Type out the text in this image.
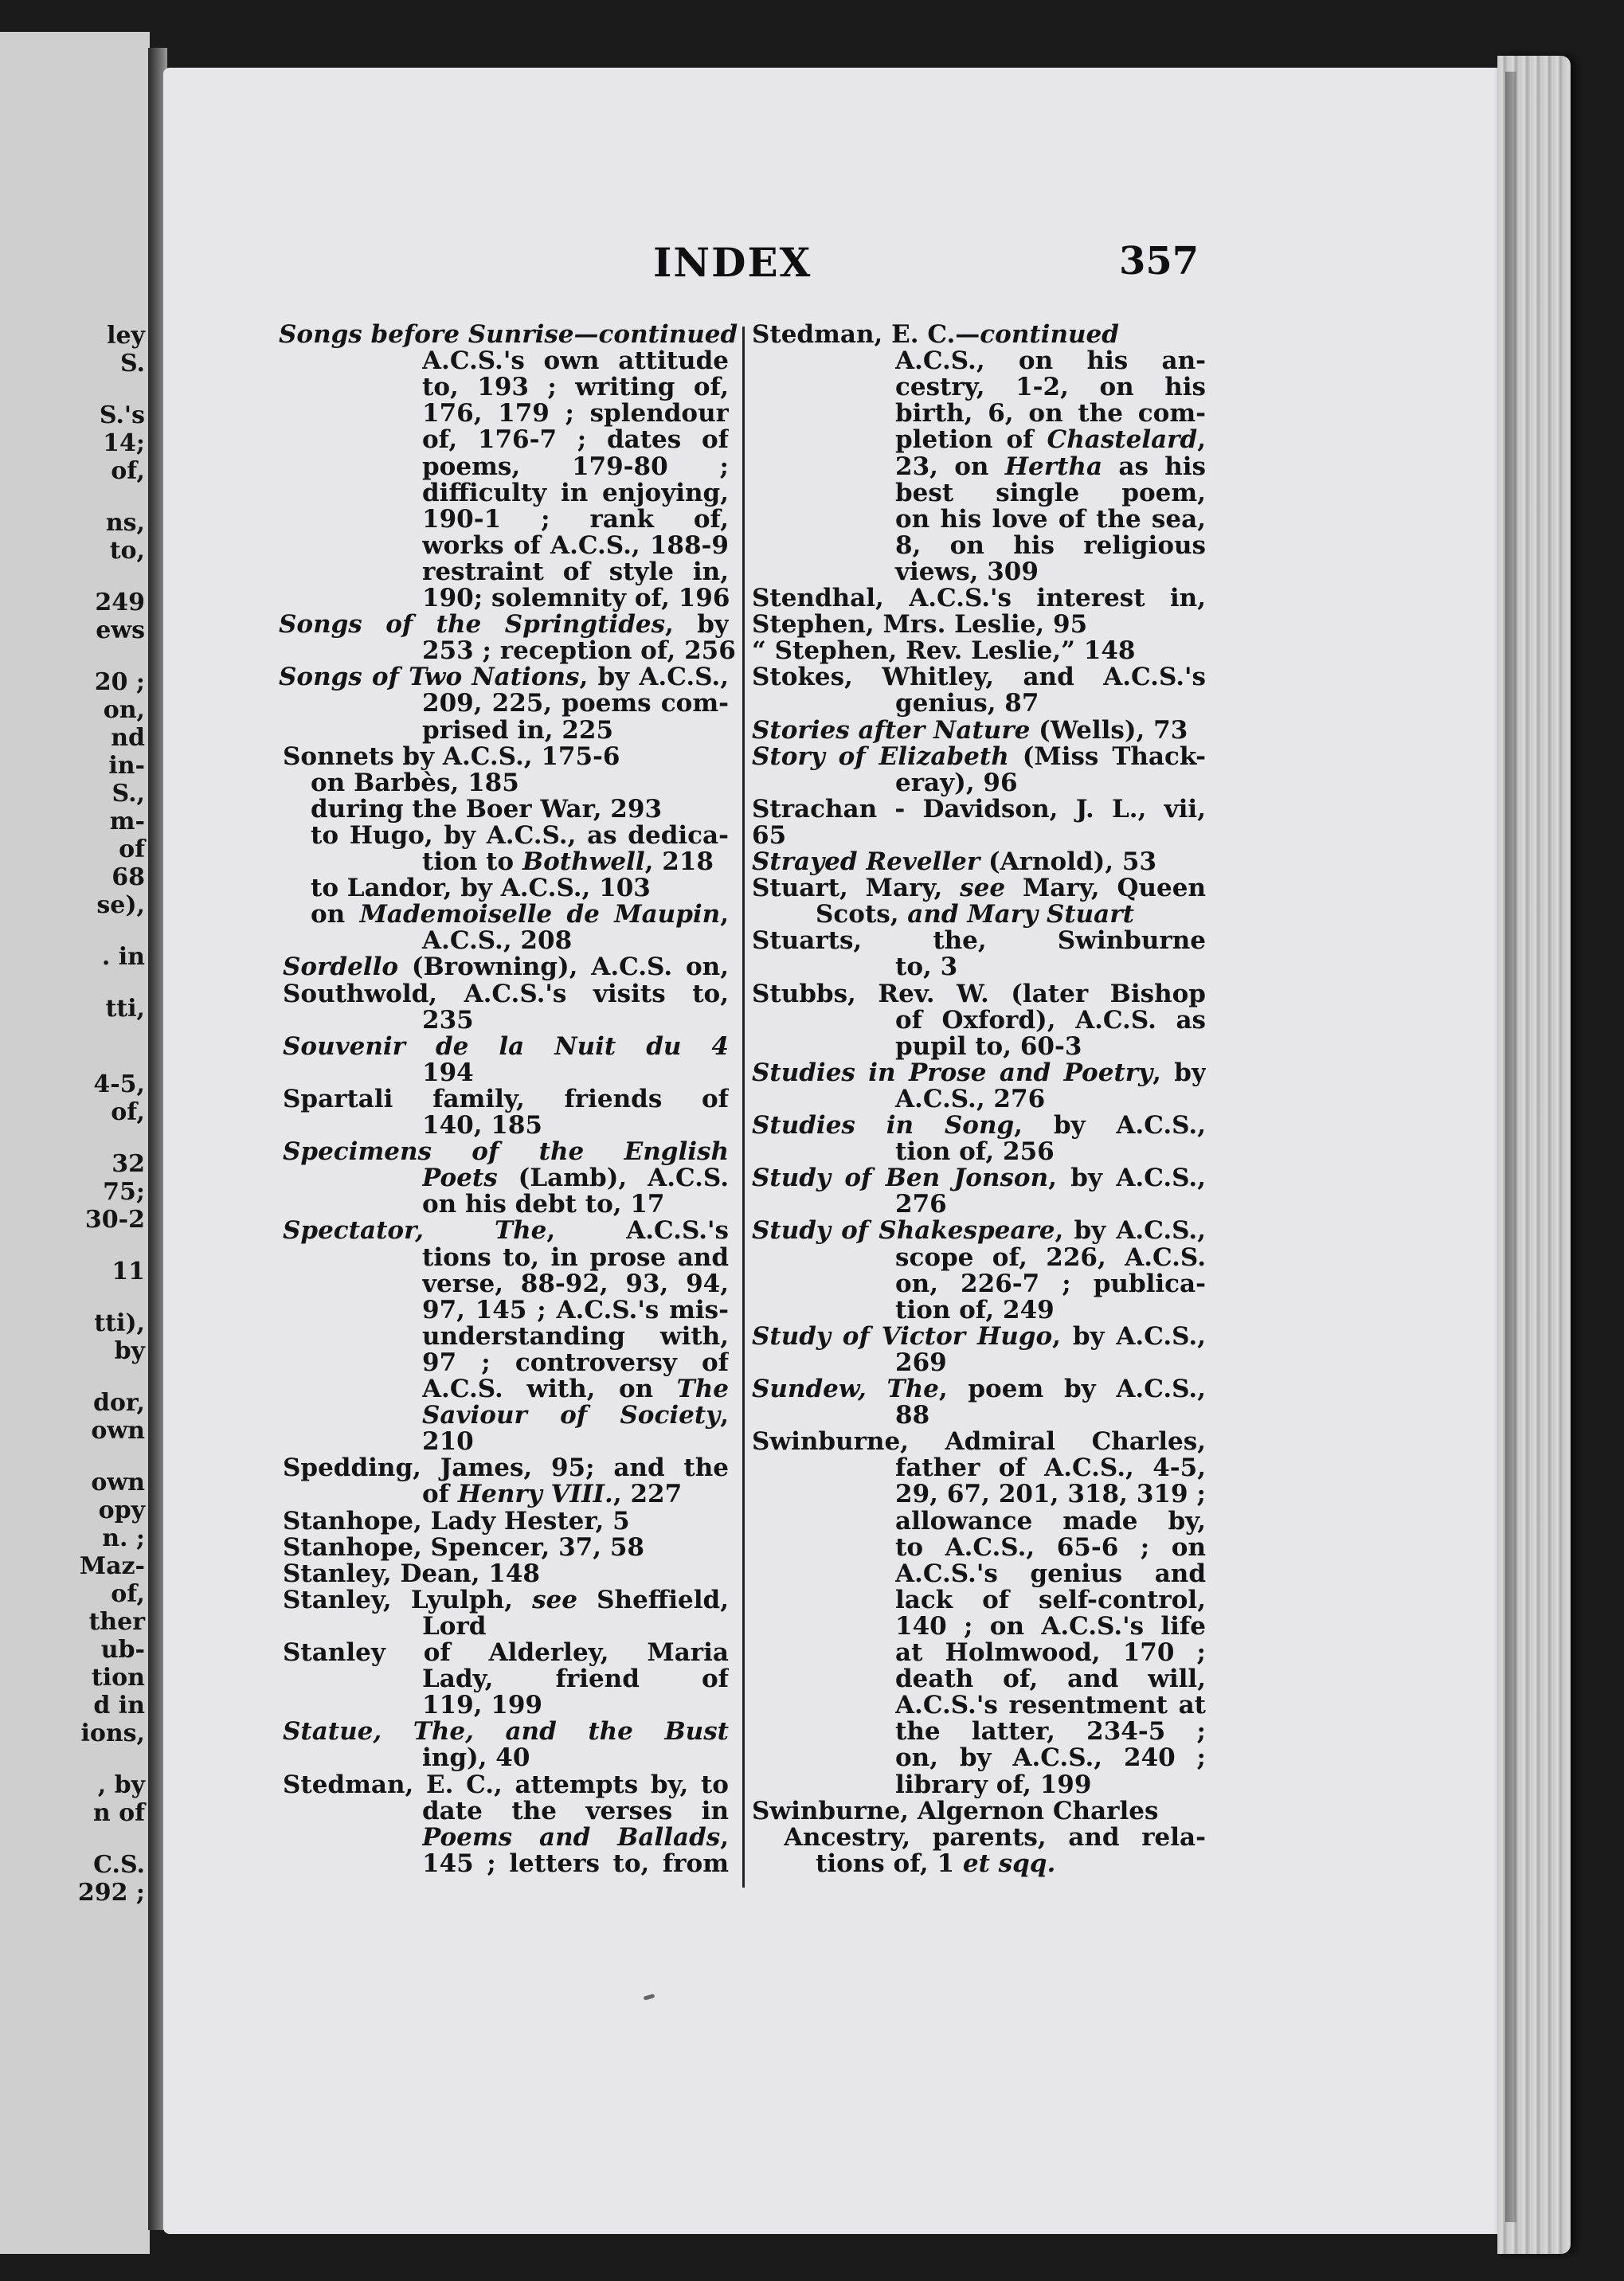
ley
S.
S.'s
14;
of,
ns,
to,
249
ews
20 ;
on,
nd
in-
S.,
m-
of
68
se),
. in
tti,
4-5,
of,
32
75;
30-2
11
tti),
by
dor,
own
own
opy
n. ;
Maz-
of,
ther
ub-
tion
d in
ions,
, by
n of
C.S.
292 ;
INDEX	357
Songs before Sunrise—continued
A.C.S.'s own attitude
to, 193 ; writing of,
176, 179 ; splendour
of, 176-7 ; dates of
poems, 179-80 ;
difficulty in enjoying,
190-1 ; rank of,
works of A.C.S., 188-9
restraint of style in,
190; solemnity of, 196
Songs of the Springtides, by
253 ; reception of, 256
Songs of Two Nations, by A.C.S.,
209, 225, poems com-
prised in, 225
Sonnets by A.C.S., 175-6
on Barbès, 185
during the Boer War, 293
to Hugo, by A.C.S., as dedica-
tion to Bothwell, 218
to Landor, by A.C.S., 103
on Mademoiselle de Maupin,
A.C.S., 208
Sordello (Browning), A.C.S. on,
Southwold, A.C.S.'s visits to,
235
Souvenir de la Nuit du 4
194
Spartali family, friends of
140, 185
Specimens of the English
Poets (Lamb), A.C.S.
on his debt to, 17
Spectator, The, A.C.S.'s
tions to, in prose and
verse, 88-92, 93, 94,
97, 145 ; A.C.S.'s mis-
understanding with,
97 ; controversy of
A.C.S. with, on The
Saviour of Society,
210
Spedding, James, 95; and the
of Henry VIII., 227
Stanhope, Lady Hester, 5
Stanhope, Spencer, 37, 58
Stanley, Dean, 148
Stanley, Lyulph, see Sheffield,
Lord
Stanley of Alderley, Maria
Lady, friend of
119, 199
Statue, The, and the Bust
ing), 40
Stedman, E. C., attempts by, to
date the verses in
Poems and Ballads,
145 ; letters to, from
Stedman, E. C.—continued
A.C.S., on his an-
cestry, 1-2, on his
birth, 6, on the com-
pletion of Chastelard,
23, on Hertha as his
best single poem,
on his love of the sea,
8, on his religious
views, 309
Stendhal, A.C.S.'s interest in,
Stephen, Mrs. Leslie, 95
“ Stephen, Rev. Leslie,” 148
Stokes, Whitley, and A.C.S.'s
genius, 87
Stories after Nature (Wells), 73
Story of Elizabeth (Miss Thack-
eray), 96
Strachan - Davidson, J. L., vii,
65
Strayed Reveller (Arnold), 53
Stuart, Mary, see Mary, Queen
Scots, and Mary Stuart
Stuarts, the, Swinburne
to, 3
Stubbs, Rev. W. (later Bishop
of Oxford), A.C.S. as
pupil to, 60-3
Studies in Prose and Poetry, by
A.C.S., 276
Studies in Song, by A.C.S.,
tion of, 256
Study of Ben Jonson, by A.C.S.,
276
Study of Shakespeare, by A.C.S.,
scope of, 226, A.C.S.
on, 226-7 ; publica-
tion of, 249
Study of Victor Hugo, by A.C.S.,
269
Sundew, The, poem by A.C.S.,
88
Swinburne, Admiral Charles,
father of A.C.S., 4-5,
29, 67, 201, 318, 319 ;
allowance made by,
to A.C.S., 65-6 ; on
A.C.S.'s genius and
lack of self-control,
140 ; on A.C.S.'s life
at Holmwood, 170 ;
death of, and will,
A.C.S.'s resentment at
the latter, 234-5 ;
on, by A.C.S., 240 ;
library of, 199
Swinburne, Algernon Charles
Ancestry, parents, and rela-
tions of, 1 et sqq.
